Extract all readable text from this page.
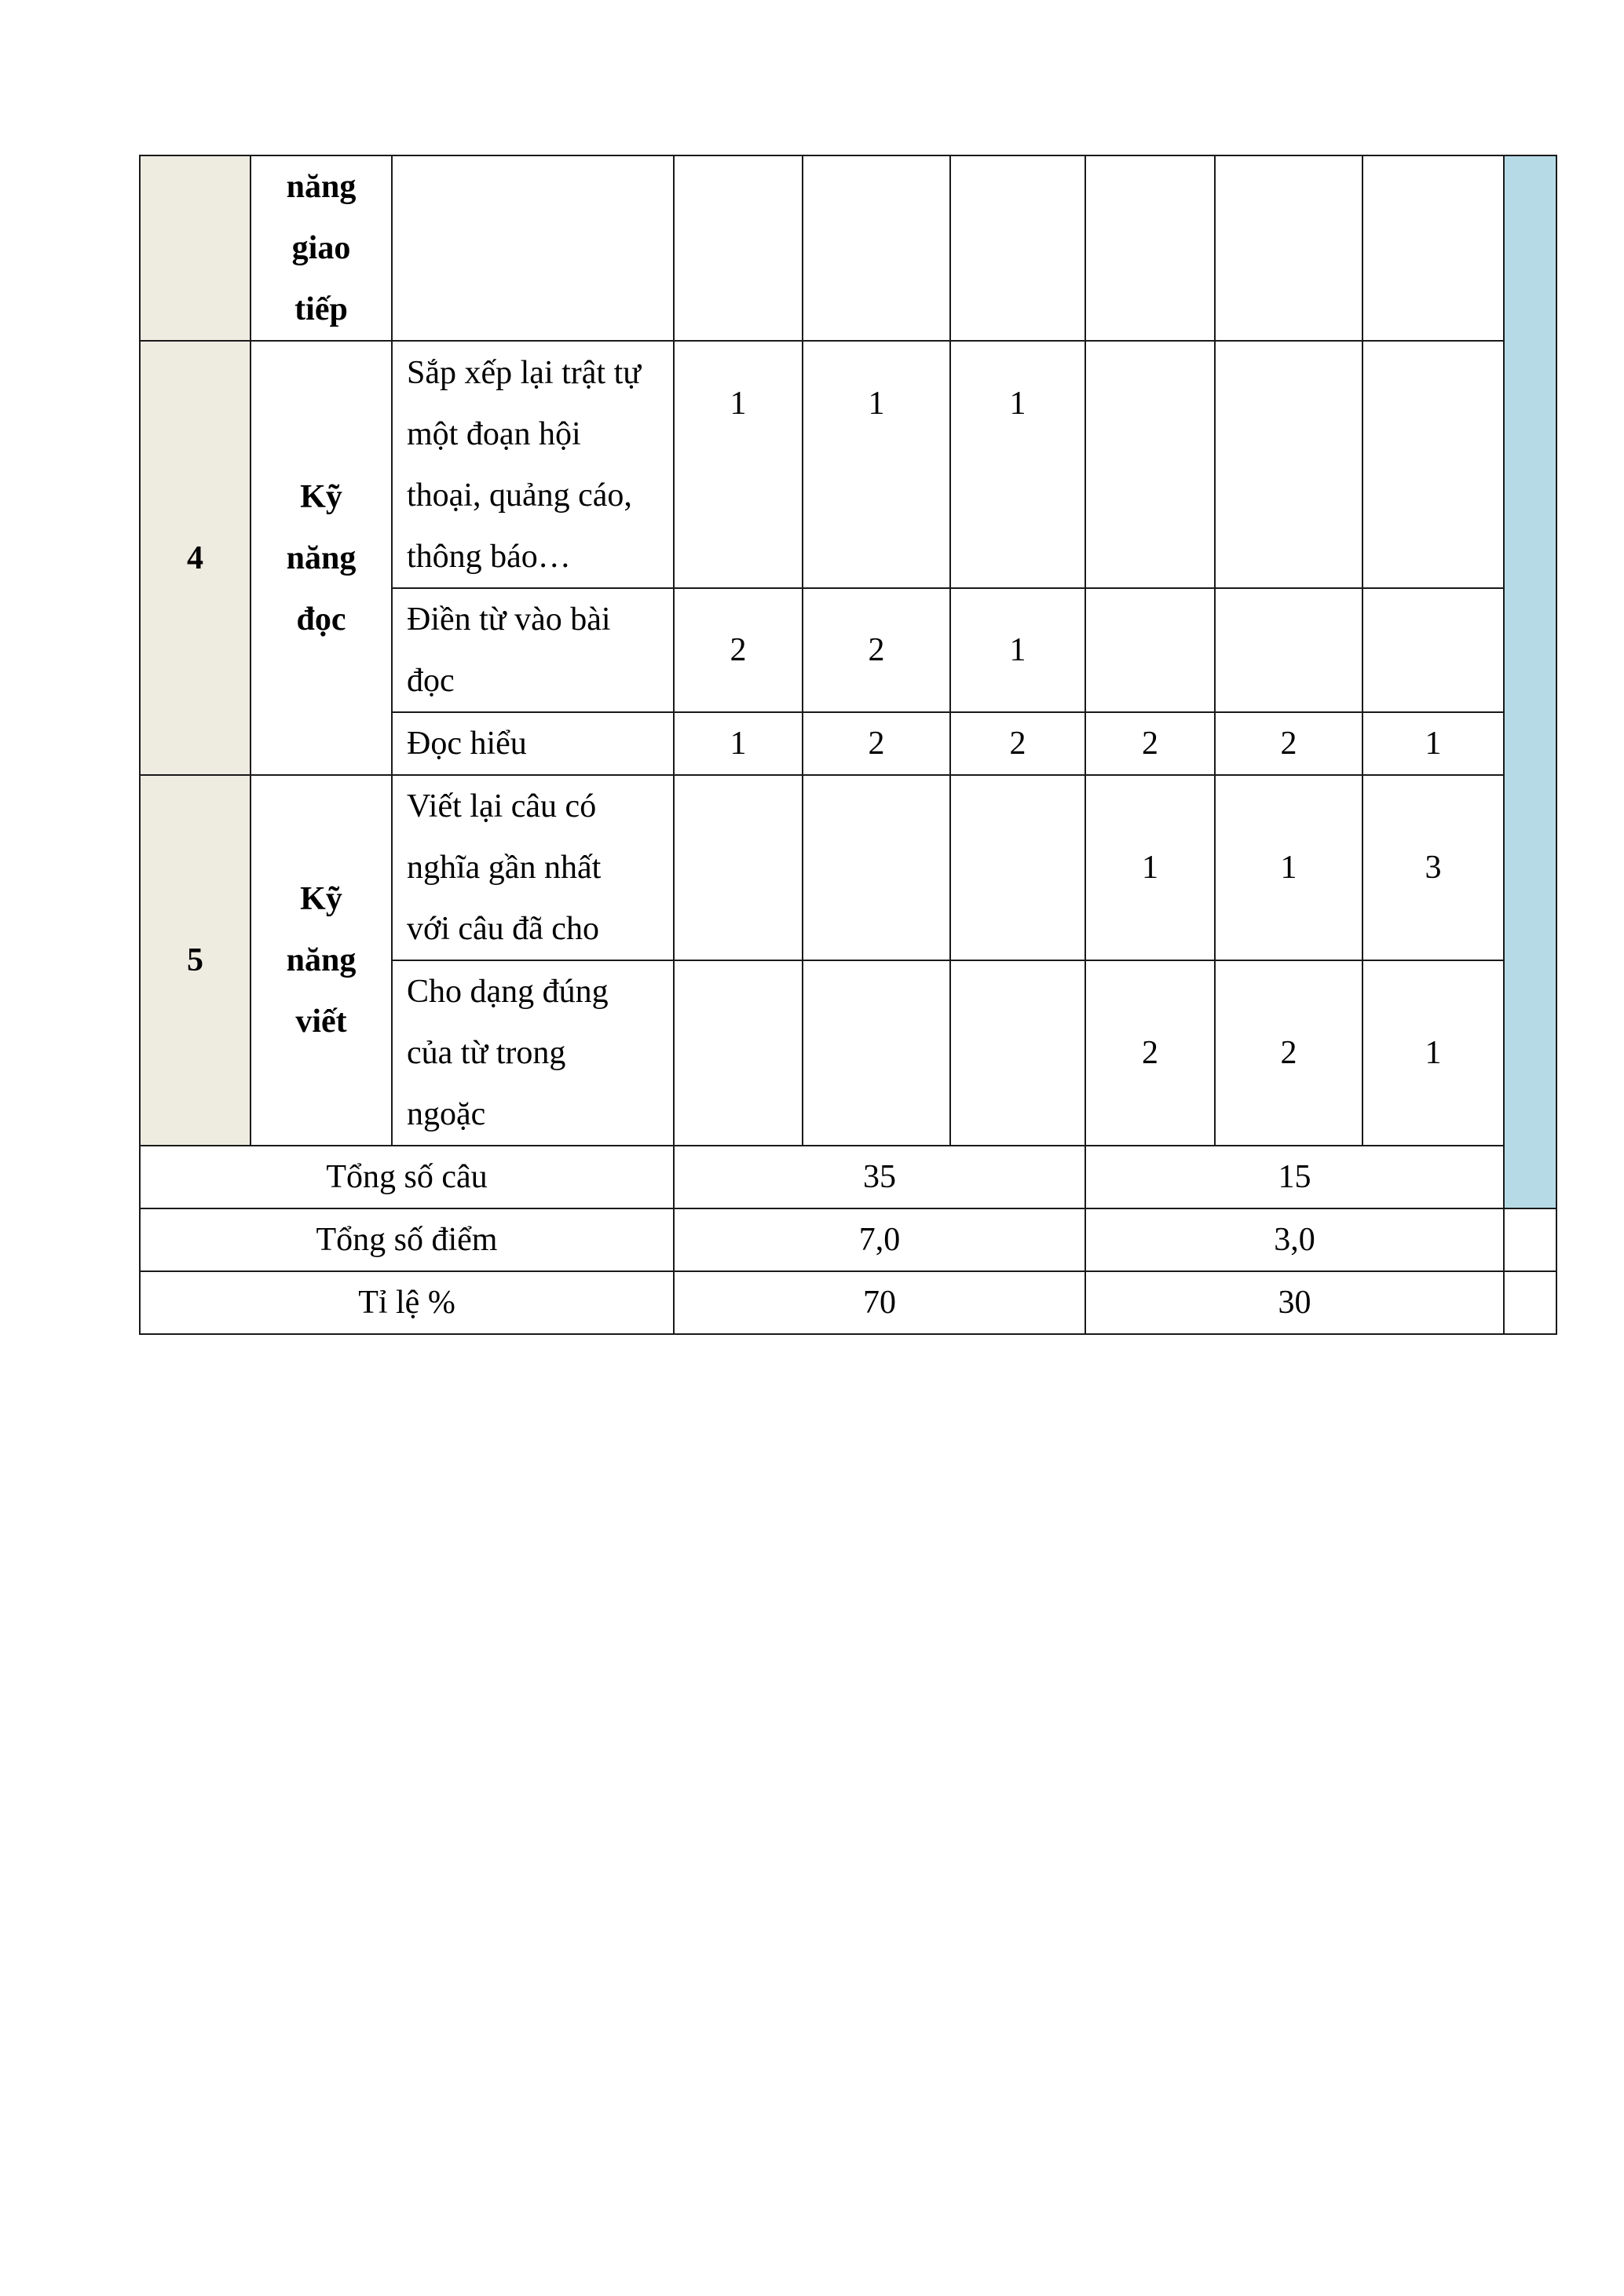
	năng
giao
tiếp								

4	Kỹ
năng
đọc	Sắp xếp lại trật tự
một đoạn hội
thoại, quảng cáo,
thông báo…	1	1	1				

		Điền từ vào bài
đọc	2	2	1				
		Đọc hiểu	1	2	2	2	2	1	
5	Kỹ
năng
viết	Viết lại câu có
nghĩa gần nhất
với câu đã cho				1	1	3	

		Cho dạng đúng
của từ trong
ngoặc				2	2	1	
Tổng số câu			35			15			
Tổng số điểm			7,0			3,0			
Tỉ lệ %			70			30			
